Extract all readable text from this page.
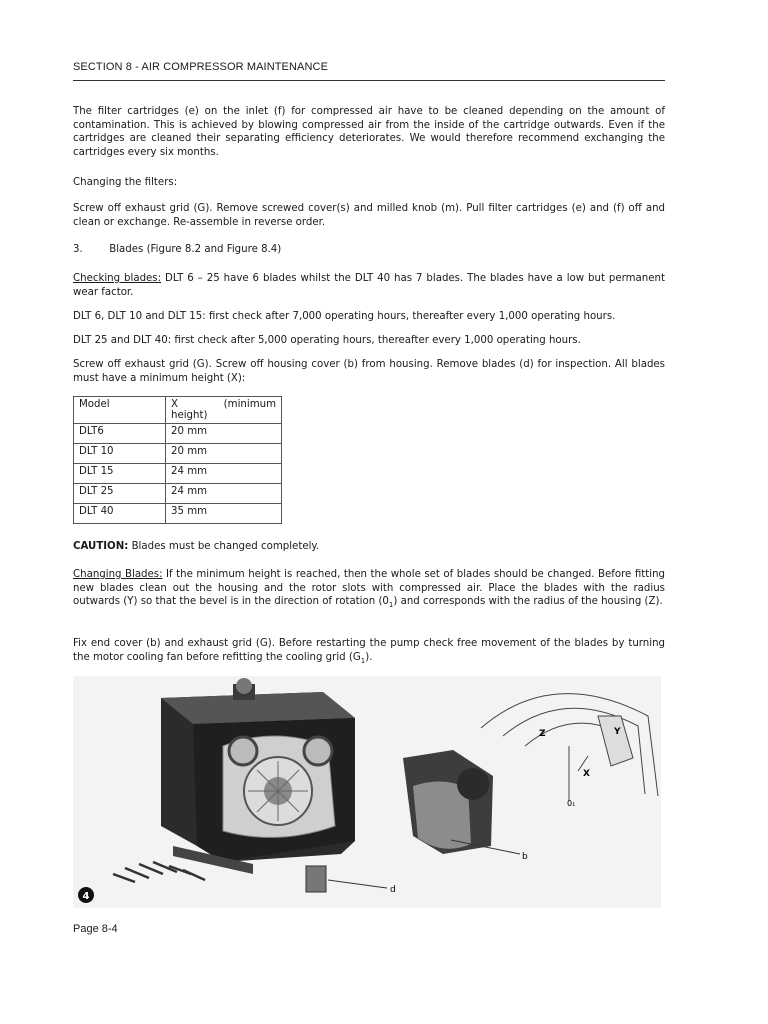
SECTION 8 - AIR COMPRESSOR MAINTENANCE
The filter cartridges (e) on the inlet (f) for compressed air have to be cleaned depending on the amount of contamination. This is achieved by blowing compressed air from the inside of the cartridge outwards. Even if the cartridges are cleaned their separating efficiency deteriorates. We would therefore recommend exchanging the cartridges every six months.
Changing the filters:
Screw off exhaust grid (G). Remove screwed cover(s) and milled knob (m). Pull filter cartridges (e) and (f) off and clean or exchange. Re-assemble in reverse order.
3.	Blades (Figure 8.2 and Figure 8.4)
Checking blades: DLT 6 – 25 have 6 blades whilst the DLT 40 has 7 blades. The blades have a low but permanent wear factor.
DLT 6, DLT 10 and DLT 15: first check after 7,000 operating hours, thereafter every 1,000 operating hours.
DLT 25 and DLT 40: first check after 5,000 operating hours, thereafter every 1,000 operating hours.
Screw off exhaust grid (G). Screw off housing cover (b) from housing. Remove blades (d) for inspection. All blades must have a minimum height (X):
Model	X (minimum
height)

DLT6	20 mm
DLT 10	20 mm
DLT 15	24 mm
DLT 25	24 mm
DLT 40	35 mm
CAUTION: Blades must be changed completely.
Changing Blades: If the minimum height is reached, then the whole set of blades should be changed. Before fitting new blades clean out the housing and the rotor slots with compressed air. Place the blades with the radius outwards (Y) so that the bevel is in the direction of rotation $(0_1)$ and corresponds with the radius of the housing (Z).
Fix end cover (b) and exhaust grid (G). Before restarting the pump check free movement of the blades by turning the motor cooling fan before refitting the cooling grid $(G_1)$.
b
d
Z	Y
X
0₁
4
Page 8-4
